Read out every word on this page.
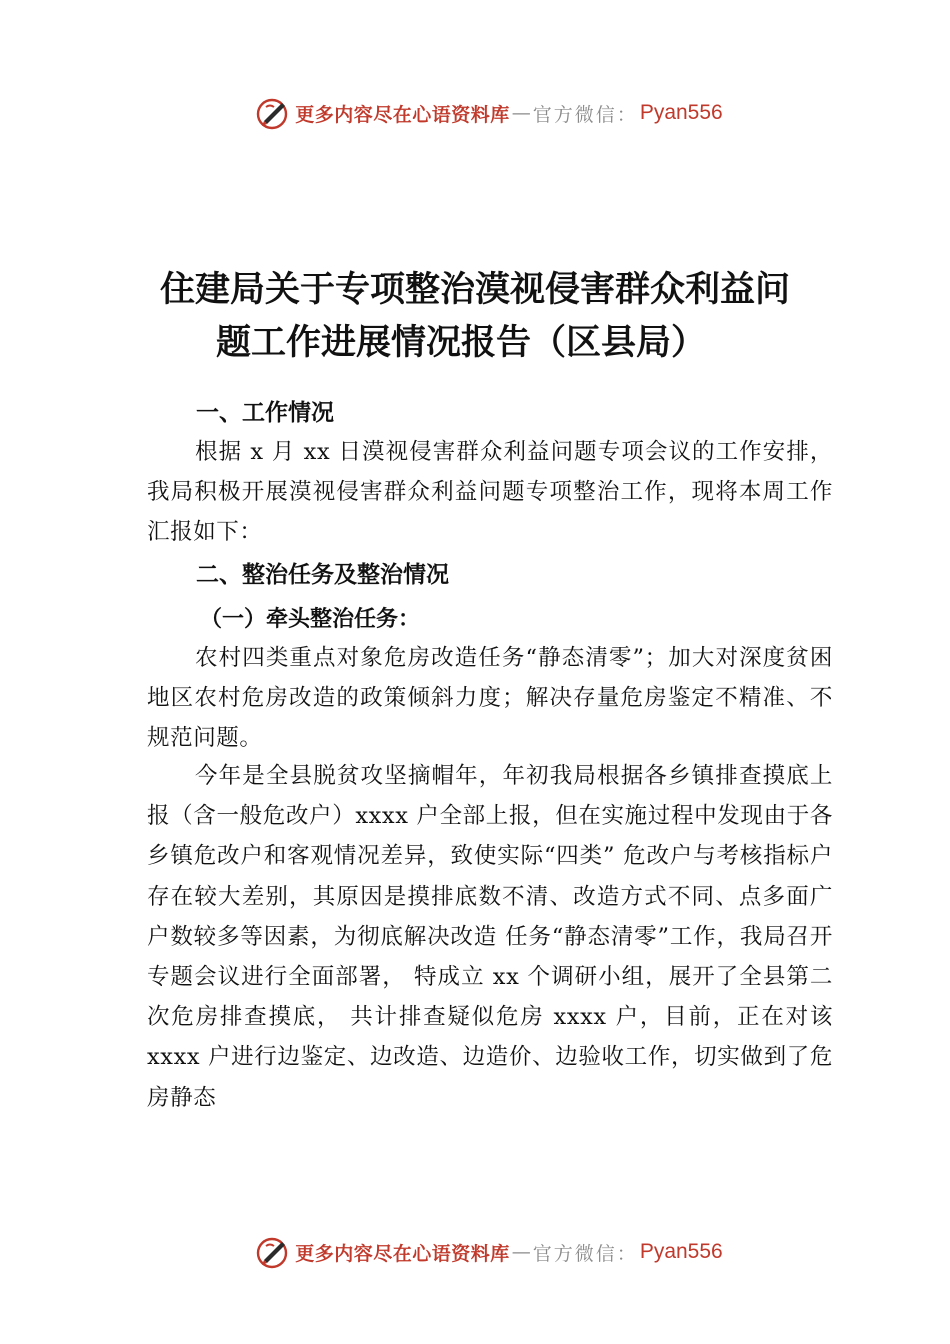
更多内容尽在心语资料库 — 官方微信： Pyan556
住建局关于专项整治漠视侵害群众利益问
题工作进展情况报告（区县局）
一、工作情况

根据 x 月 xx 日漠视侵害群众利益问题专项会议的工作安排，我局积极开展漠视侵害群众利益问题专项整治工作，现将本周工作汇报如下：

二、整治任务及整治情况
（一）牵头整治任务：

农村四类重点对象危房改造任务“静态清零”；加大对深度贫困地区农村危房改造的政策倾斜力度；解决存量危房鉴定不精准、不规范问题。

今年是全县脱贫攻坚摘帽年，年初我局根据各乡镇排查摸底上报（含一般危改户）xxxx 户全部上报，但在实施过程中发现由于各乡镇危改户和客观情况差异，致使实际“四类” 危改户与考核指标户存在较大差别，其原因是摸排底数不清、改造方式不同、点多面广户数较多等因素，为彻底解决改造 任务“静态清零”工作，我局召开专题会议进行全面部署， 特成立 xx 个调研小组，展开了全县第二次危房排查摸底， 共计排查疑似危房 xxxx 户，目前，正在对该 xxxx 户进行边鉴定、边改造、边造价、边验收工作，切实做到了危房静态

更多内容尽在心语资料库 — 官方微信： Pyan556
